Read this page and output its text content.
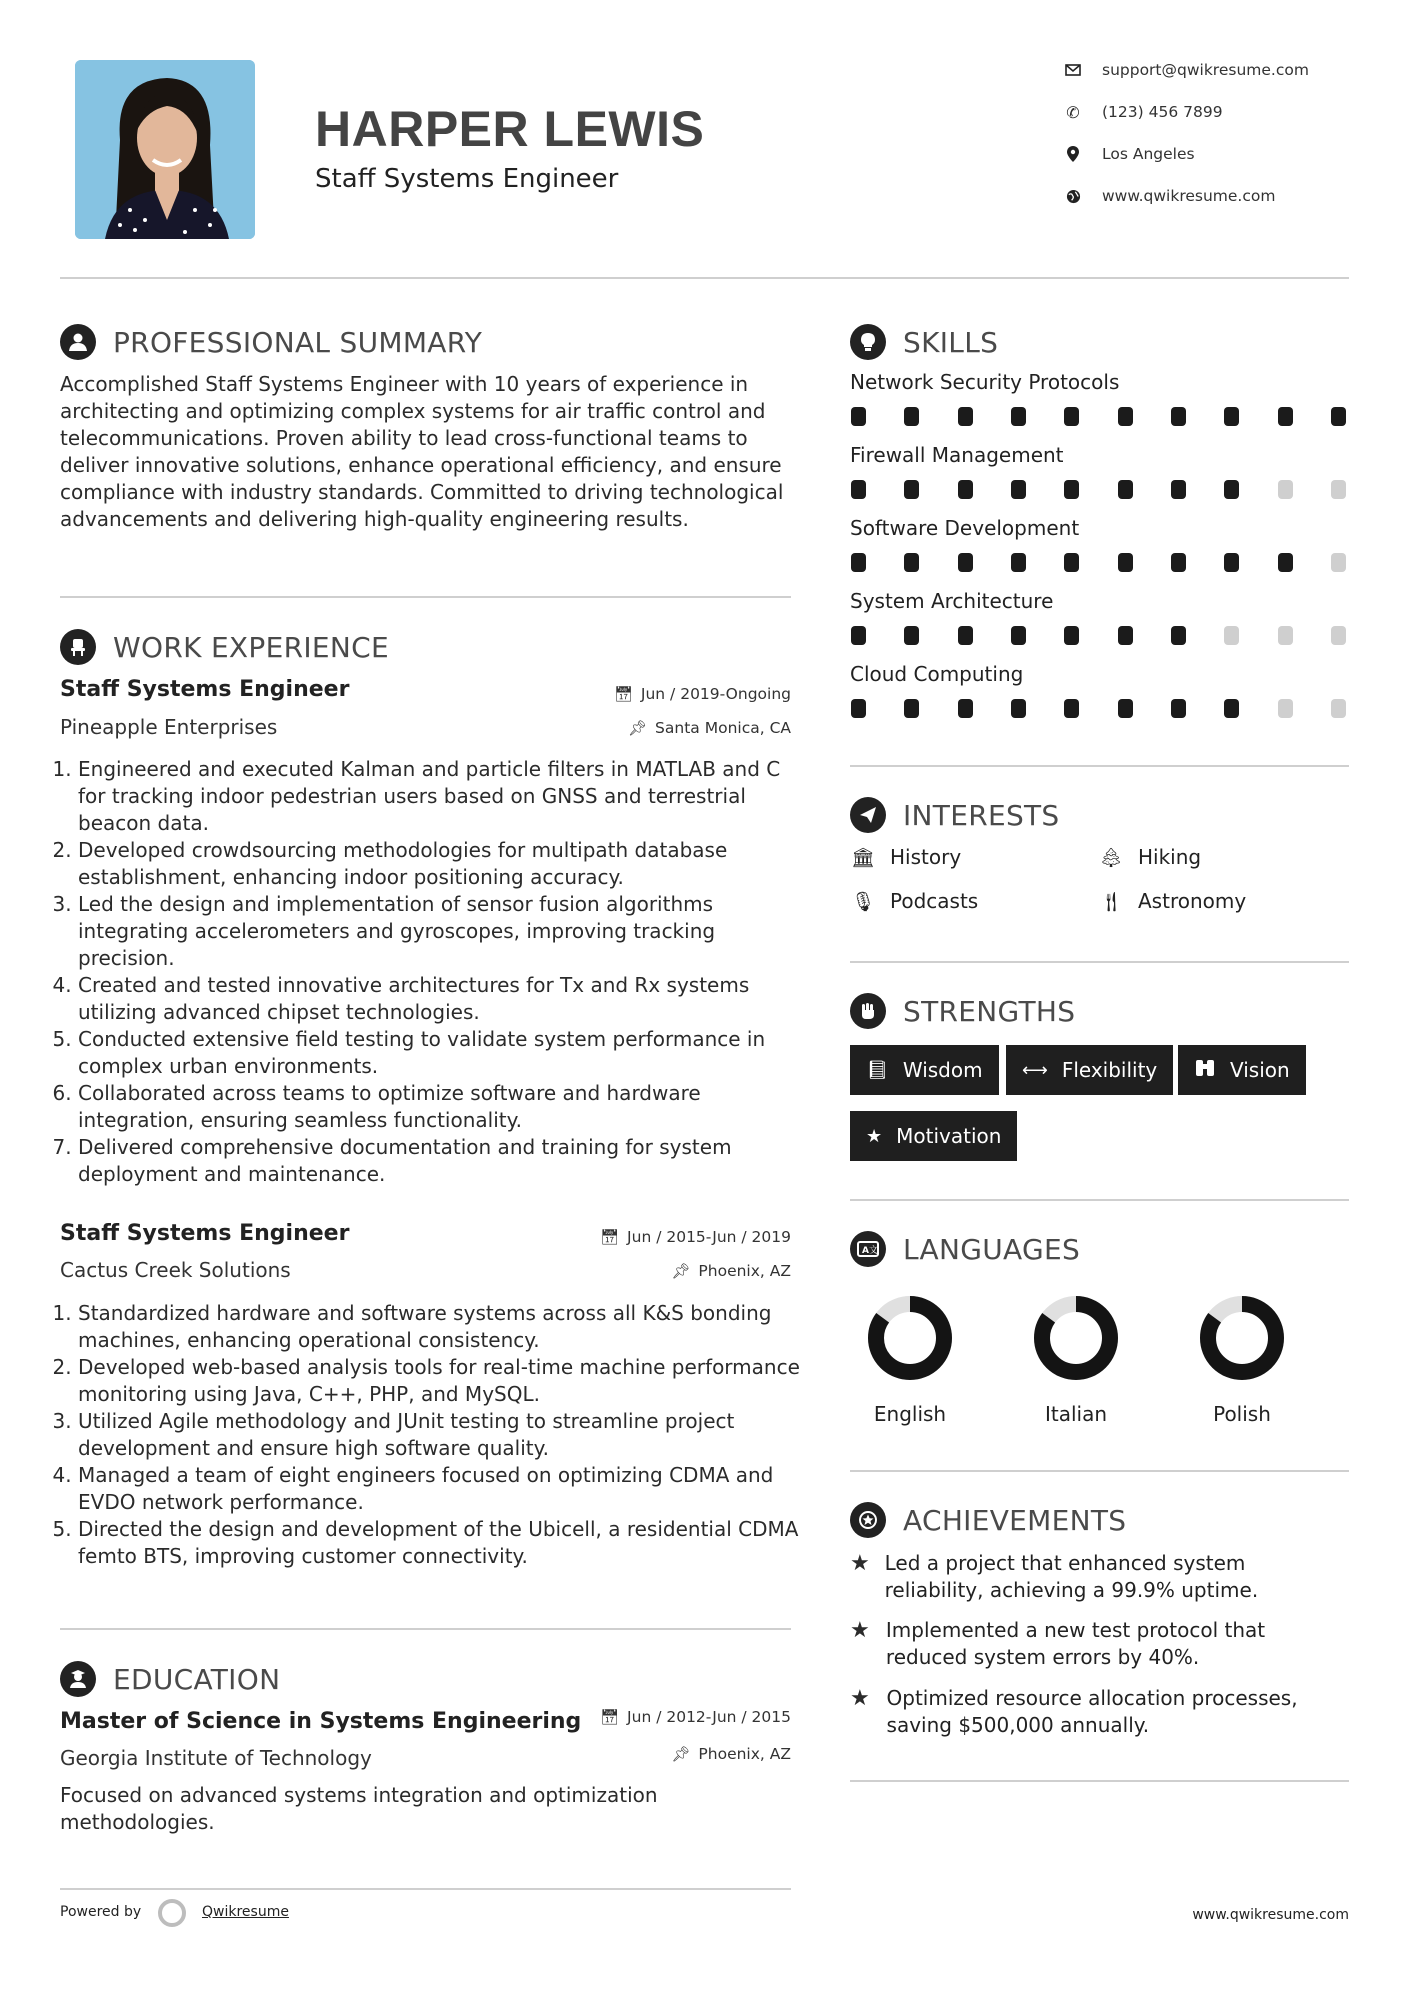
HARPER LEWIS
Staff Systems Engineer
support@qwikresume.com
✆ (123) 456 7899
Los Angeles
www.qwikresume.com
PROFESSIONAL SUMMARY
Accomplished Staff Systems Engineer with 10 years of experience in architecting and optimizing complex systems for air traffic control and telecommunications. Proven ability to lead cross-functional teams to deliver innovative solutions, enhance operational efficiency, and ensure compliance with industry standards. Committed to driving technological advancements and delivering high-quality engineering results.
WORK EXPERIENCE
Staff Systems Engineer	📅︎ Jun / 2019-Ongoing
Pineapple Enterprises	📌︎ Santa Monica, CA
1. Engineered and executed Kalman and particle filters in MATLAB and C for tracking indoor pedestrian users based on GNSS and terrestrial beacon data.
2. Developed crowdsourcing methodologies for multipath database establishment, enhancing indoor positioning accuracy.
3. Led the design and implementation of sensor fusion algorithms integrating accelerometers and gyroscopes, improving tracking precision.
4. Created and tested innovative architectures for Tx and Rx systems utilizing advanced chipset technologies.
5. Conducted extensive field testing to validate system performance in complex urban environments.
6. Collaborated across teams to optimize software and hardware integration, ensuring seamless functionality.
7. Delivered comprehensive documentation and training for system deployment and maintenance.
Staff Systems Engineer	📅︎ Jun / 2015-Jun / 2019
Cactus Creek Solutions	📌︎ Phoenix, AZ
1. Standardized hardware and software systems across all K&S bonding machines, enhancing operational consistency.
2. Developed web-based analysis tools for real-time machine performance monitoring using Java, C++, PHP, and MySQL.
3. Utilized Agile methodology and JUnit testing to streamline project development and ensure high software quality.
4. Managed a team of eight engineers focused on optimizing CDMA and EVDO network performance.
5. Directed the design and development of the Ubicell, a residential CDMA femto BTS, improving customer connectivity.
EDUCATION
Master of Science in Systems Engineering 📅︎ Jun / 2012-Jun / 2015
Georgia Institute of Technology	📌︎ Phoenix, AZ
Focused on advanced systems integration and optimization methodologies.
SKILLS
Network Security Protocols
Firewall Management
Software Development
System Architecture
Cloud Computing
INTERESTS
🏛︎ History	🌲︎ Hiking
🎙︎ Podcasts	🍴︎ Astronomy
STRENGTHS
📘︎ Wisdom ⟷ Flexibility	Vision
★ Motivation
A 文 LANGUAGES
English	Italian	Polish
ACHIEVEMENTS
★ Led a project that enhanced system reliability, achieving a 99.9% uptime.
★ Implemented a new test protocol that reduced system errors by 40%.
★ Optimized resource allocation processes, saving $500,000 annually.
Powered by	Qwikresume	www.qwikresume.com
